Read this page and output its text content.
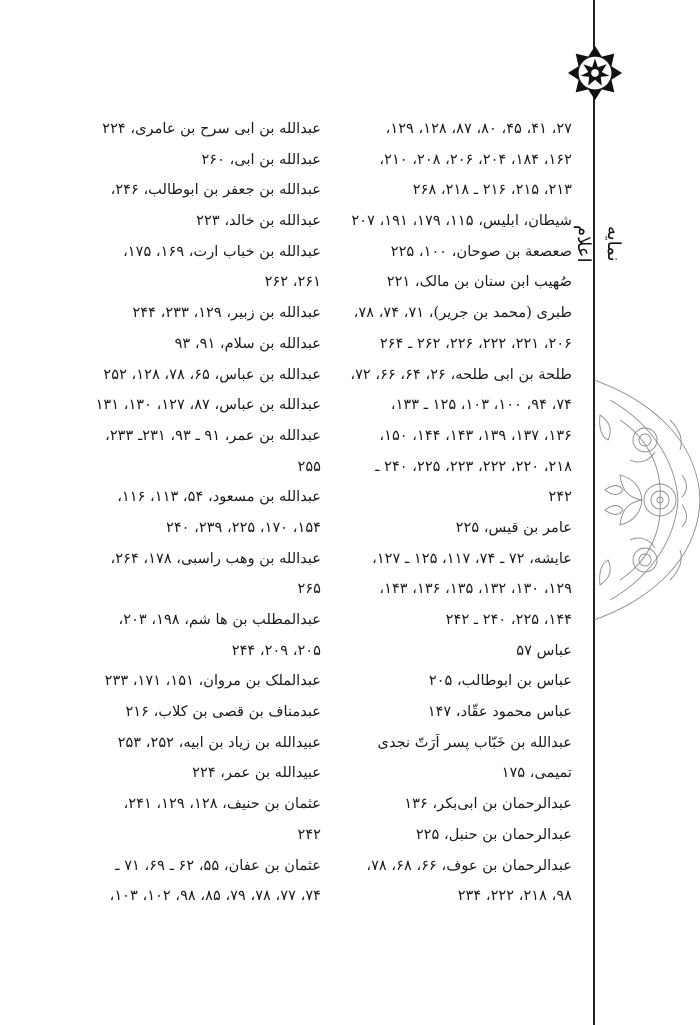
نمایه اعلام
۲۷، ۴۱، ۴۵، ۸۰، ۸۷، ۱۲۸، ۱۲۹،
۱۶۲، ۱۸۴، ۲۰۴، ۲۰۶، ۲۰۸، ۲۱۰،
۲۱۳، ۲۱۵، ۲۱۶ ـ ۲۱۸، ۲۶۸
شیطان، ابلیس، ۱۱۵، ۱۷۹، ۱۹۱، ۲۰۷
صعصعة بن صوحان، ۱۰۰، ۲۲۵
صُهیب ابن سنان بن مالک، ۲۲۱
طبری (محمد بن جریر)، ۷۱، ۷۴، ۷۸،
۲۰۶، ۲۲۱، ۲۲۲، ۲۲۶، ۲۶۲ ـ ۲۶۴
طلحة بن ابی طلحه، ۲۶، ۶۴، ۶۶، ۷۲،
۷۴، ۹۴، ۱۰۰، ۱۰۳، ۱۲۵ ـ ۱۳۳،
۱۳۶، ۱۳۷، ۱۳۹، ۱۴۳، ۱۴۴، ۱۵۰،
۲۱۸، ۲۲۰، ۲۲۲، ۲۲۳، ۲۲۵، ۲۴۰ ـ
۲۴۲
عامر بن قیس، ۲۲۵
عایشه، ۷۲ ـ ۷۴، ۱۱۷، ۱۲۵ ـ ۱۲۷،
۱۲۹، ۱۳۰، ۱۳۲، ۱۳۵، ۱۳۶، ۱۴۳،
۱۴۴، ۲۲۵، ۲۴۰ ـ ۲۴۲
عباس ۵۷
عباس بن ابوطالب، ۲۰۵
عباس محمود عقّاد، ۱۴۷
عبدالله بن خَبّاب پسر اَرَتّ نجدی
تمیمی، ۱۷۵
عبدالرحمان بن ابی‌بکر، ۱۳۶
عبدالرحمان بن حنبل، ۲۲۵
عبدالرحمان بن عوف، ۶۶، ۶۸، ۷۸،
۹۸، ۲۱۸، ۲۲۲، ۲۳۴
عبدالله بن ابی سرح بن عامری، ۲۲۴
عبدالله بن ابی، ۲۶۰
عبدالله بن جعفر بن ابوطالب، ۲۴۶،
عبدالله بن خالد، ۲۲۳
عبدالله بن خباب ارت، ۱۶۹، ۱۷۵،
۲۶۱، ۲۶۲
عبدالله بن زبیر، ۱۲۹، ۲۳۳، ۲۴۴
عبدالله بن سلام، ۹۱، ۹۳
عبدالله بن عباس، ۶۵، ۷۸، ۱۲۸، ۲۵۲
عبدالله بن عباس، ۸۷، ۱۲۷، ۱۳۰، ۱۳۱
عبدالله بن عمر، ۹۱ ـ ۹۳، ۲۳۱ـ ۲۳۳،
۲۵۵
عبدالله بن مسعود، ۵۴، ۱۱۳، ۱۱۶،
۱۵۴، ۱۷۰، ۲۲۵، ۲۳۹، ۲۴۰
عبدالله بن وهب راسبی، ۱۷۸، ۲۶۴،
۲۶۵
عبدالمطلب بن ها شم، ۱۹۸، ۲۰۳،
۲۰۵، ۲۰۹، ۲۴۴
عبدالملک بن مروان، ۱۵۱، ۱۷۱، ۲۳۳
عبدمناف بن قصی بن کلاب، ۲۱۶
عبیدالله بن زیاد بن ابیه، ۲۵۲، ۲۵۳
عبیدالله بن عمر، ۲۲۴
عثمان بن حنیف، ۱۲۸، ۱۲۹، ۲۴۱،
۲۴۲
عثمان بن عفان، ۵۵، ۶۲ ـ ۶۹، ۷۱ ـ
۷۴، ۷۷، ۷۸، ۷۹، ۸۵، ۹۸، ۱۰۲، ۱۰۳،
